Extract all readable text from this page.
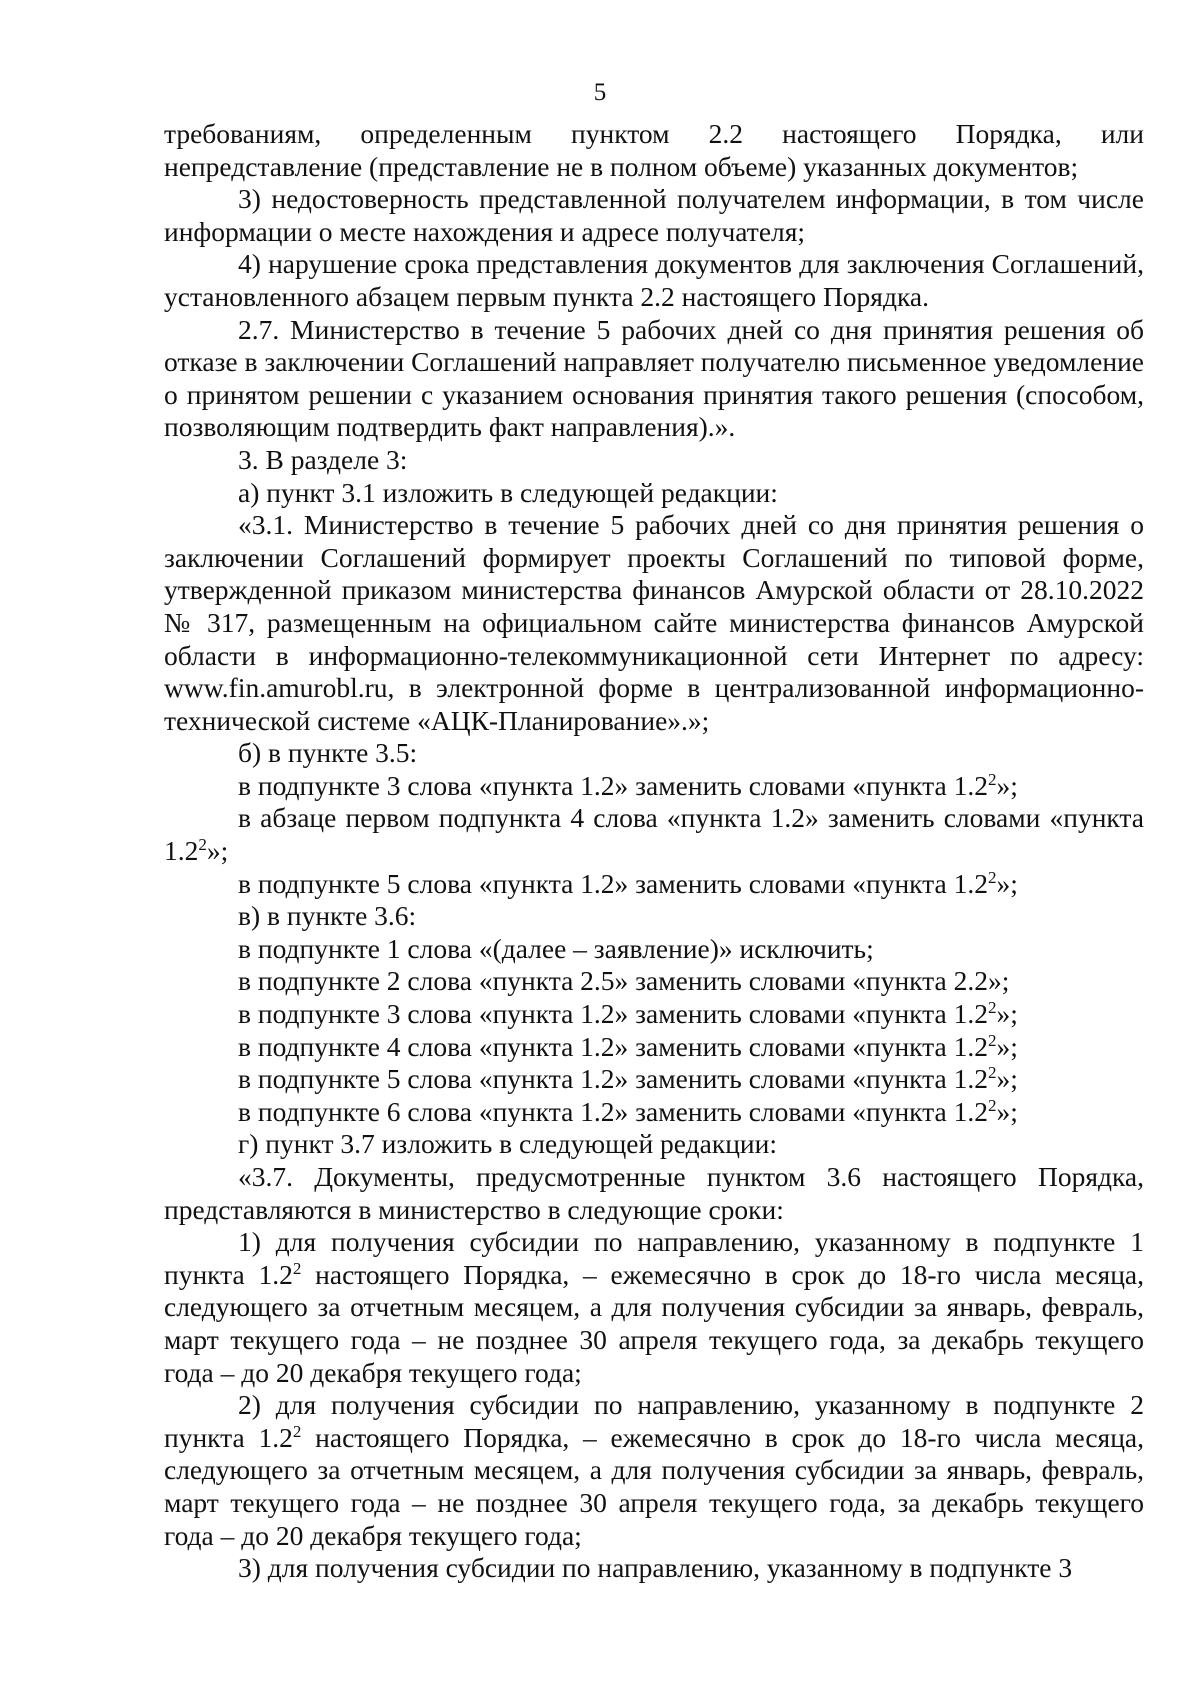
5

требованиям, определенным пунктом 2.2 настоящего Порядка, или непредставление (представление не в полном объеме) указанных документов;

3) недостоверность представленной получателем информации, в том числе информации о месте нахождения и адресе получателя;

4) нарушение срока представления документов для заключения Соглашений, установленного абзацем первым пункта 2.2 настоящего Порядка.

2.7. Министерство в течение 5 рабочих дней со дня принятия решения об отказе в заключении Соглашений направляет получателю письменное уведомление о принятом решении с указанием основания принятия такого решения (способом, позволяющим подтвердить факт направления).».

3. В разделе 3:

а) пункт 3.1 изложить в следующей редакции:

«3.1. Министерство в течение 5 рабочих дней со дня принятия решения о заключении Соглашений формирует проекты Соглашений по типовой форме, утвержденной приказом министерства финансов Амурской области от 28.10.2022 № 317, размещенным на официальном сайте министерства финансов Амурской области в информационно-телекоммуникационной сети Интернет по адресу: www.fin.amurobl.ru, в электронной форме в централизованной информационно-технической системе «АЦК-Планирование».»;

б) в пункте 3.5:

в подпункте 3 слова «пункта 1.2» заменить словами «пункта $1.2^2$»;

в абзаце первом подпункта 4 слова «пункта 1.2» заменить словами «пункта $1.2^2$»;

в подпункте 5 слова «пункта 1.2» заменить словами «пункта $1.2^2$»;

в) в пункте 3.6:

в подпункте 1 слова «(далее – заявление)» исключить;

в подпункте 2 слова «пункта 2.5» заменить словами «пункта 2.2»;

в подпункте 3 слова «пункта 1.2» заменить словами «пункта $1.2^2$»;

в подпункте 4 слова «пункта 1.2» заменить словами «пункта $1.2^2$»;

в подпункте 5 слова «пункта 1.2» заменить словами «пункта $1.2^2$»;

в подпункте 6 слова «пункта 1.2» заменить словами «пункта $1.2^2$»;

г) пункт 3.7 изложить в следующей редакции:

«3.7. Документы, предусмотренные пунктом 3.6 настоящего Порядка, представляются в министерство в следующие сроки:

1) для получения субсидии по направлению, указанному в подпункте 1 пункта $1.2^2$ настоящего Порядка, – ежемесячно в срок до 18-го числа месяца, следующего за отчетным месяцем, а для получения субсидии за январь, февраль, март текущего года – не позднее 30 апреля текущего года, за декабрь текущего года – до 20 декабря текущего года;

2) для получения субсидии по направлению, указанному в подпункте 2 пункта $1.2^2$ настоящего Порядка, – ежемесячно в срок до 18-го числа месяца, следующего за отчетным месяцем, а для получения субсидии за январь, февраль, март текущего года – не позднее 30 апреля текущего года, за декабрь текущего года – до 20 декабря текущего года;

3) для получения субсидии по направлению, указанному в подпункте 3
